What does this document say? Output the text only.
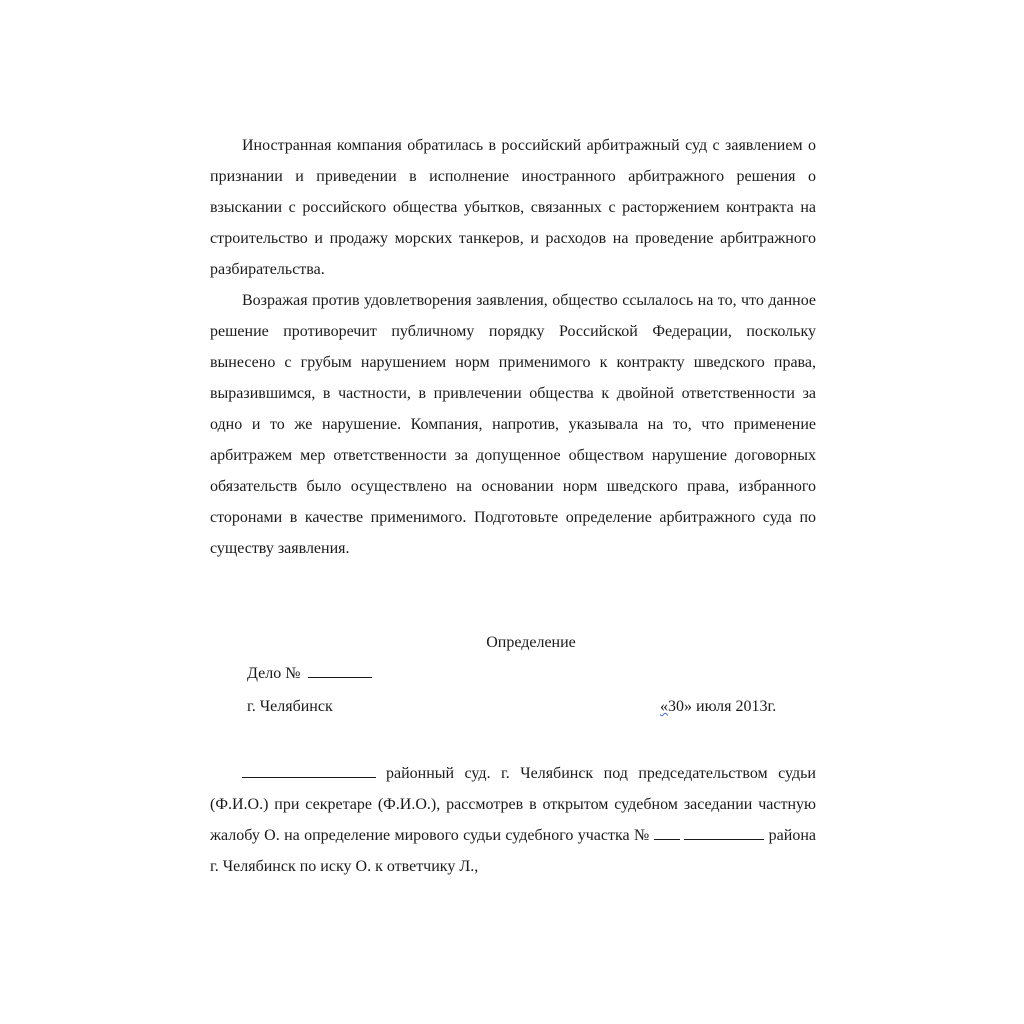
Иностранная компания обратилась в российский арбитражный суд с заявлением о признании и приведении в исполнение иностранного арбитражного решения о взыскании с российского общества убытков, связанных с расторжением контракта на строительство и продажу морских танкеров, и расходов на проведение арбитражного разбирательства.

Возражая против удовлетворения заявления, общество ссылалось на то, что данное решение противоречит публичному порядку Российской Федерации, поскольку вынесено с грубым нарушением норм применимого к контракту шведского права, выразившимся, в частности, в привлечении общества к двойной ответственности за одно и то же нарушение. Компания, напротив, указывала на то, что применение арбитражем мер ответственности за допущенное обществом нарушение договорных обязательств было осуществлено на основании норм шведского права, избранного сторонами в качестве применимого. Подготовьте определение арбитражного суда по существу заявления.

Определение
Дело №
г. Челябинск	«30» июля 2013г.

районный суд. г. Челябинск под председательством судьи (Ф.И.О.) при секретаре (Ф.И.О.), рассмотрев в открытом судебном заседании частную жалобу О. на определение мирового судьи судебного участка №	района г. Челябинск по иску О. к ответчику Л.,
